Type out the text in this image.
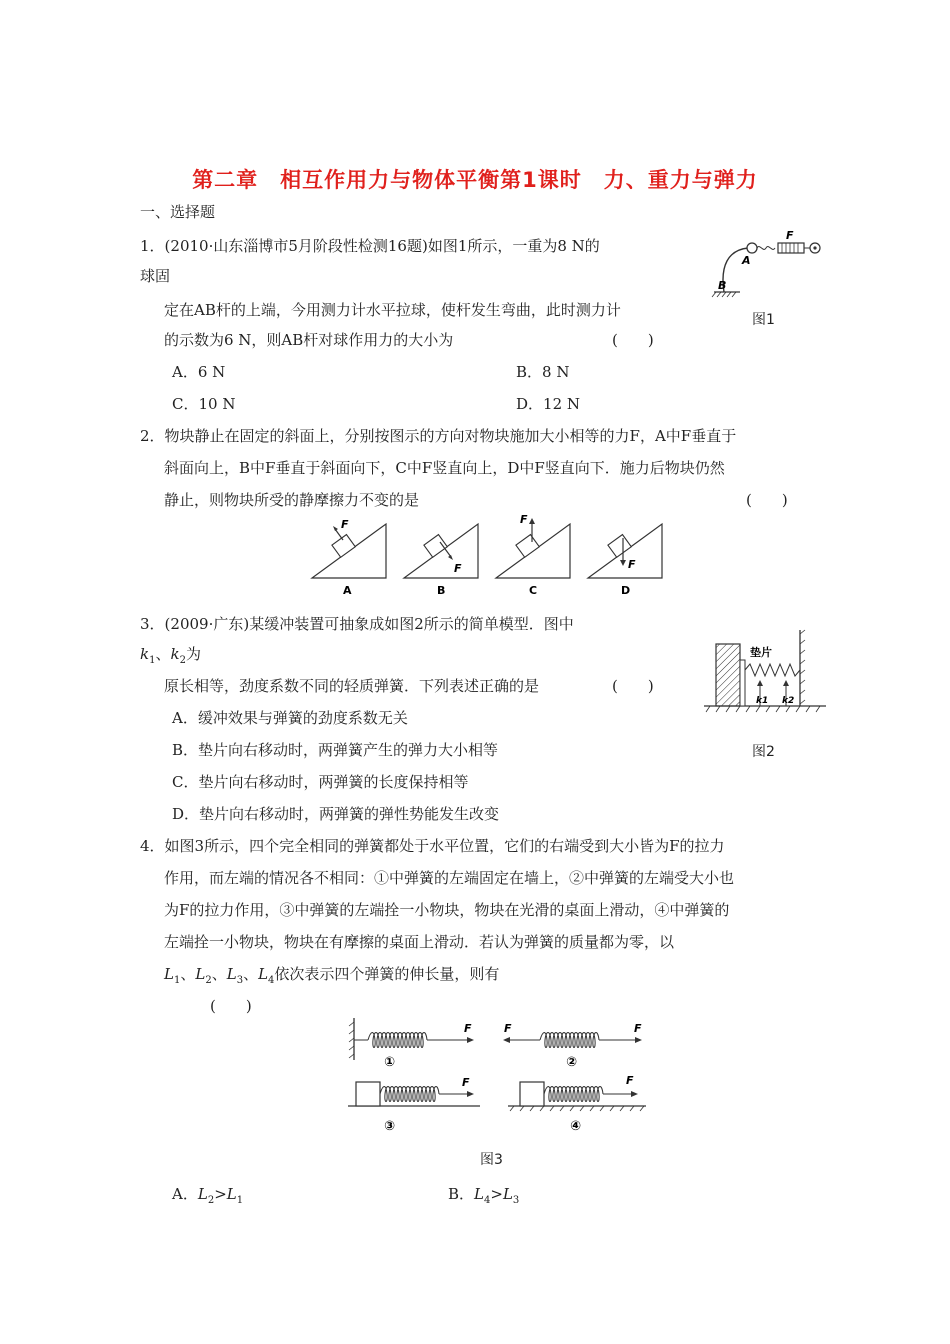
第二章　相互作用力与物体平衡第1课时　力、重力与弹力
一、选择题
1．(2010·山东淄博市5月阶段性检测16题)如图1所示，一重为8 N的
球固
定在AB杆的上端，今用测力计水平拉球，使杆发生弯曲，此时测力计
的示数为6 N，则AB杆对球作用力的大小为	(　　)
A．6 N	B．8 N
C．10 N	D．12 N
F
A
B
图1
2．物块静止在固定的斜面上，分别按图示的方向对物块施加大小相等的力F，A中F垂直于
斜面向上，B中F垂直于斜面向下，C中F竖直向上，D中F竖直向下．施力后物块仍然
静止，则物块所受的静摩擦力不变的是	(　　)
F
A
F
B
F
C
F
D
3．(2009·广东)某缓冲装置可抽象成如图2所示的简单模型．图中
$k_1$、$k_2$为
原长相等，劲度系数不同的轻质弹簧．下列表述正确的是	(　　)
A．缓冲效果与弹簧的劲度系数无关
B．垫片向右移动时，两弹簧产生的弹力大小相等
C．垫片向右移动时，两弹簧的长度保持相等
D．垫片向右移动时，两弹簧的弹性势能发生改变
垫片
k1 k2
图2
4．如图3所示，四个完全相同的弹簧都处于水平位置，它们的右端受到大小皆为F的拉力
作用，而左端的情况各不相同：①中弹簧的左端固定在墙上，②中弹簧的左端受大小也
为F的拉力作用，③中弹簧的左端拴一小物块，物块在光滑的桌面上滑动，④中弹簧的
左端拴一小物块，物块在有摩擦的桌面上滑动．若认为弹簧的质量都为零，以
$L_1$、$L_2$、$L_3$、$L_4$依次表示四个弹簧的伸长量，则有
(　　)
F
①
F	F
②
F
③
F
④
图3
A．$L_2>L_1$	B．$L_4>L_3$
